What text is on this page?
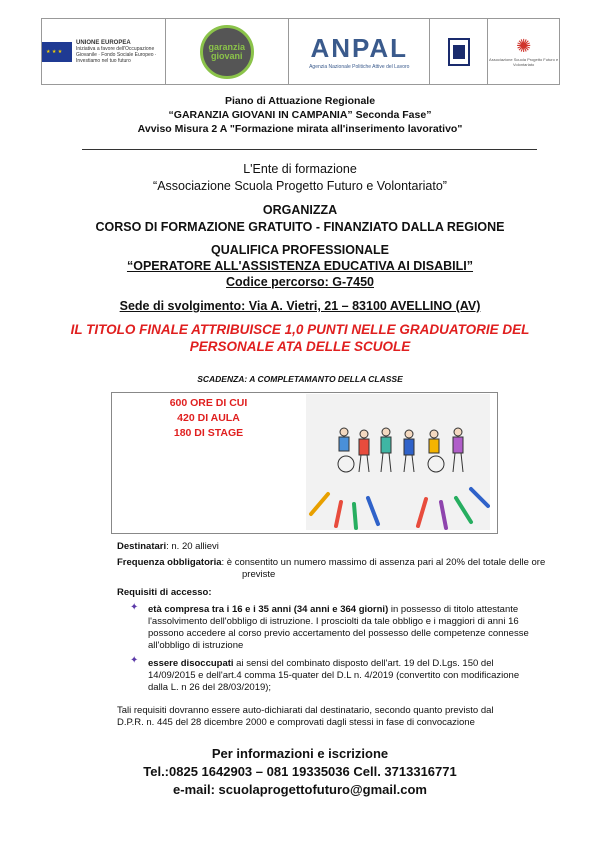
★ ★ ★
UNIONE EUROPEA
Iniziativa a favore dell'Occupazione Giovanile · Fondo Sociale Europeo · Investiamo nel tuo futuro
garanzia giovani	ANPAL
Agenzia Nazionale Politiche Attive del Lavoro
✺
Associazione Scuola Progetto Futuro e Volontariato
Piano di Attuazione Regionale
“GARANZIA GIOVANI IN CAMPANIA” Seconda Fase”
Avviso Misura 2 A "Formazione mirata all'inserimento lavorativo"
L'Ente di formazione
“Associazione Scuola Progetto Futuro e Volontariato”
ORGANIZZA
CORSO DI FORMAZIONE GRATUITO - FINANZIATO DALLA REGIONE
QUALIFICA PROFESSIONALE
“OPERATORE ALL'ASSISTENZA EDUCATIVA AI DISABILI”
Codice percorso: G-7450
Sede di svolgimento: Via A. Vietri, 21 – 83100 AVELLINO (AV)
IL TITOLO FINALE ATTRIBUISCE 1,0 PUNTI NELLE GRADUATORIE DEL
PERSONALE ATA DELLE SCUOLE
SCADENZA: A COMPLETAMANTO DELLA CLASSE
600 ORE DI CUI
420 DI AULA
180 DI STAGE
Destinatari: n. 20 allievi
Frequenza obbligatoria: è consentito un numero massimo di assenza pari al 20% del totale delle ore
previste
Requisiti di accesso:
✦ età compresa tra i 16 e i 35 anni (34 anni e 364 giorni) in possesso di titolo attestante
l'assolvimento dell'obbligo di istruzione. I prosciolti da tale obbligo e i maggiori di anni 16
possono accedere al corso previo accertamento del possesso delle competenze connesse
all'obbligo di istruzione
✦ essere disoccupati ai sensi del combinato disposto dell'art. 19 del D.Lgs. 150 del
14/09/2015 e dell'art.4 comma 15-quater del D.L n. 4/2019 (convertito con modificazione
dalla L. n 26 del 28/03/2019);
Tali requisiti dovranno essere auto-dichiarati dal destinatario, secondo quanto previsto dal
D.P.R. n. 445 del 28 dicembre 2000 e comprovati dagli stessi in fase di convocazione
Per informazioni e iscrizione
Tel.:0825 1642903 – 081 19335036 Cell. 3713316771
e-mail: scuolaprogettofuturo@gmail.com
